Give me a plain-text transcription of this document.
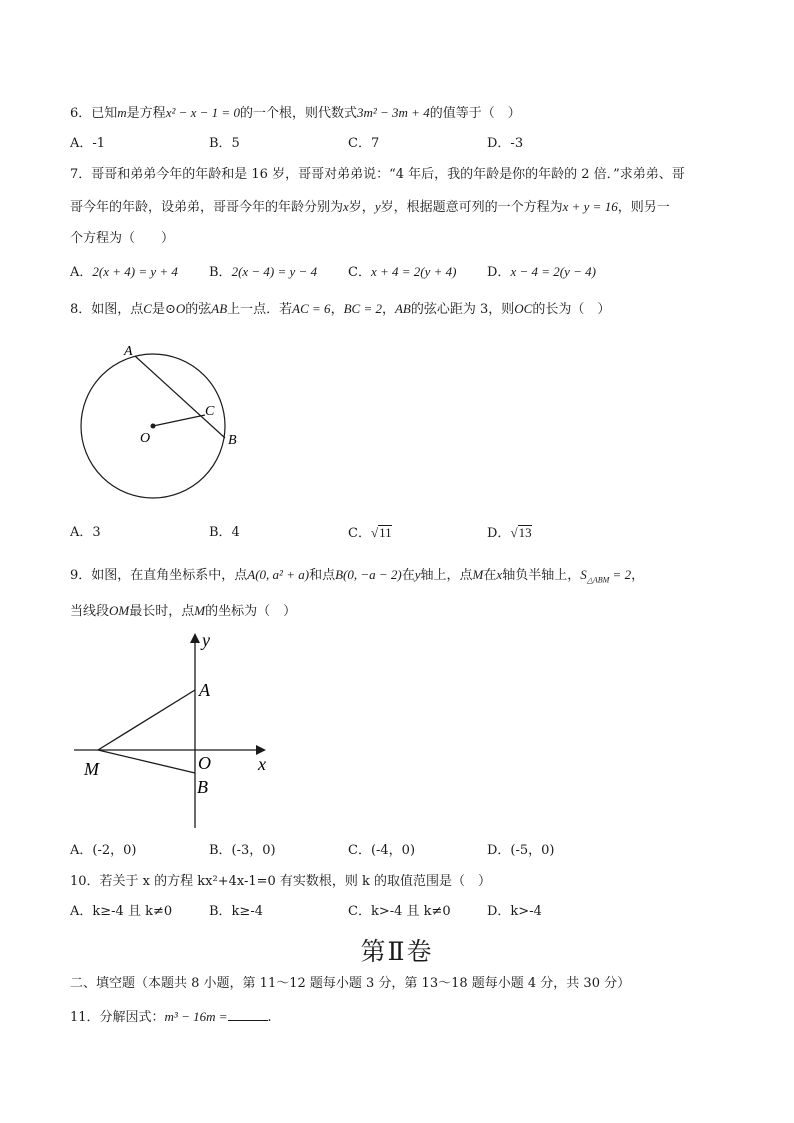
6．已知m是方程x² − x − 1 = 0的一个根，则代数式3m² − 3m + 4的值等于（　）
A．-1	B．5	C．7	D．-3
7．哥哥和弟弟今年的年龄和是 16 岁，哥哥对弟弟说：“4 年后，我的年龄是你的年龄的 2 倍．”求弟弟、哥
哥今年的年龄，设弟弟，哥哥今年的年龄分别为x岁，y岁，根据题意可列的一个方程为x + y = 16，则另一
个方程为（　　）
A．2(x + 4) = y + 4 B．2(x − 4) = y − 4 C．x + 4 = 2(y + 4) D．x − 4 = 2(y − 4)
8．如图，点C是⊙O的弦AB上一点．若AC = 6，BC = 2，AB的弦心距为 3，则OC的长为（　）
A
C
O	B
A．3	B．4	C．√11	D．√13
9．如图，在直角坐标系中，点A(0, a² + a)和点B(0, −a − 2)在y轴上，点M在x轴负半轴上，$S_{\triangle ABM} = 2$，
当线段OM最长时，点M的坐标为（　）
y
x
A
O
B
M
A．(-2，0)	B．(-3，0)	C．(-4，0)	D．(-5，0)
10．若关于 x 的方程 kx²+4x-1=0 有实数根，则 k 的取值范围是（　）
A．k≥-4 且 k≠0	B．k≥-4	C．k>-4 且 k≠0	D．k>-4
第Ⅱ卷
二、填空题（本题共 8 小题，第 11～12 题每小题 3 分，第 13～18 题每小题 4 分，共 30 分）
11．分解因式：m³ − 16m =	.
